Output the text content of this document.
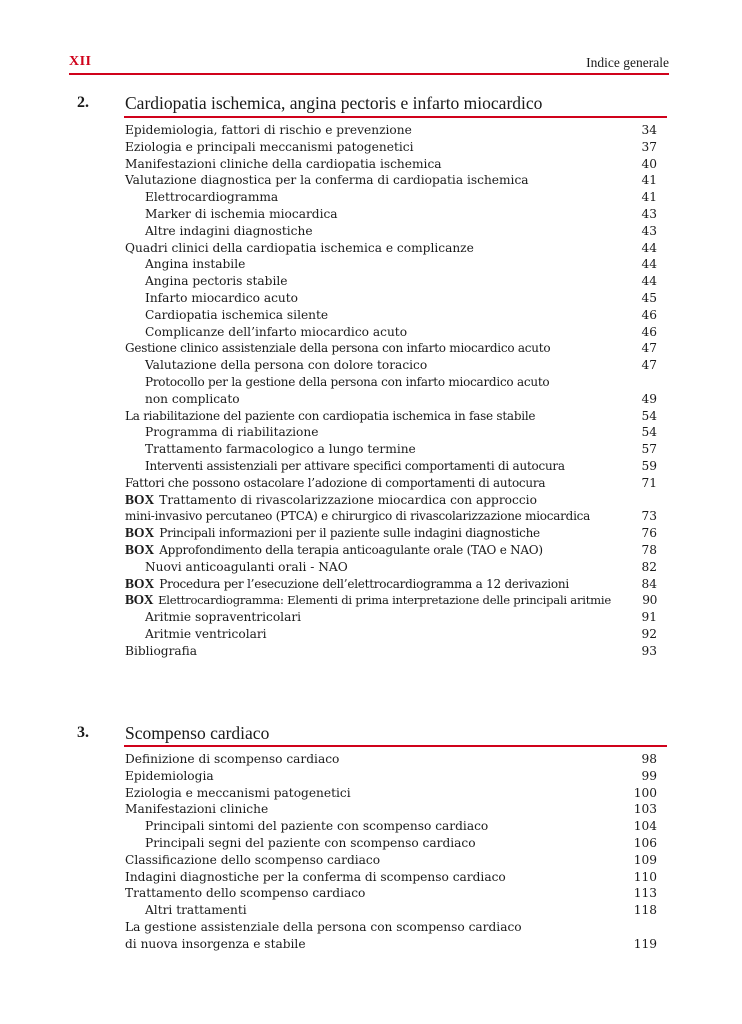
XII	Indice generale
2. Cardiopatia ischemica, angina pectoris e infarto miocardico
Epidemiologia, fattori di rischio e prevenzione	34
Eziologia e principali meccanismi patogenetici	37
Manifestazioni cliniche della cardiopatia ischemica	40
Valutazione diagnostica per la conferma di cardiopatia ischemica	41
Elettrocardiogramma	41
Marker di ischemia miocardica	43
Altre indagini diagnostiche	43
Quadri clinici della cardiopatia ischemica e complicanze	44
Angina instabile	44
Angina pectoris stabile	44
Infarto miocardico acuto	45
Cardiopatia ischemica silente	46
Complicanze dell’infarto miocardico acuto	46
Gestione clinico assistenziale della persona con infarto miocardico acuto	47
Valutazione della persona con dolore toracico	47
Protocollo per la gestione della persona con infarto miocardico acuto
non complicato	49
La riabilitazione del paziente con cardiopatia ischemica in fase stabile	54
Programma di riabilitazione	54
Trattamento farmacologico a lungo termine	57
Interventi assistenziali per attivare specifici comportamenti di autocura	59
Fattori che possono ostacolare l’adozione di comportamenti di autocura	71
BOX Trattamento di rivascolarizzazione miocardica con approccio
mini-invasivo percutaneo (PTCA) e chirurgico di rivascolarizzazione miocardica	73
BOX Principali informazioni per il paziente sulle indagini diagnostiche	76
BOX Approfondimento della terapia anticoagulante orale (TAO e NAO)	78
Nuovi anticoagulanti orali - NAO	82
BOX Procedura per l’esecuzione dell’elettrocardiogramma a 12 derivazioni	84
BOX Elettrocardiogramma: Elementi di prima interpretazione delle principali aritmie	90
Aritmie sopraventricolari	91
Aritmie ventricolari	92
Bibliografia	93
3. Scompenso cardiaco
Definizione di scompenso cardiaco	98
Epidemiologia	99
Eziologia e meccanismi patogenetici	100
Manifestazioni cliniche	103
Principali sintomi del paziente con scompenso cardiaco	104
Principali segni del paziente con scompenso cardiaco	106
Classificazione dello scompenso cardiaco	109
Indagini diagnostiche per la conferma di scompenso cardiaco	110
Trattamento dello scompenso cardiaco	113
Altri trattamenti	118
La gestione assistenziale della persona con scompenso cardiaco
di nuova insorgenza e stabile	119
